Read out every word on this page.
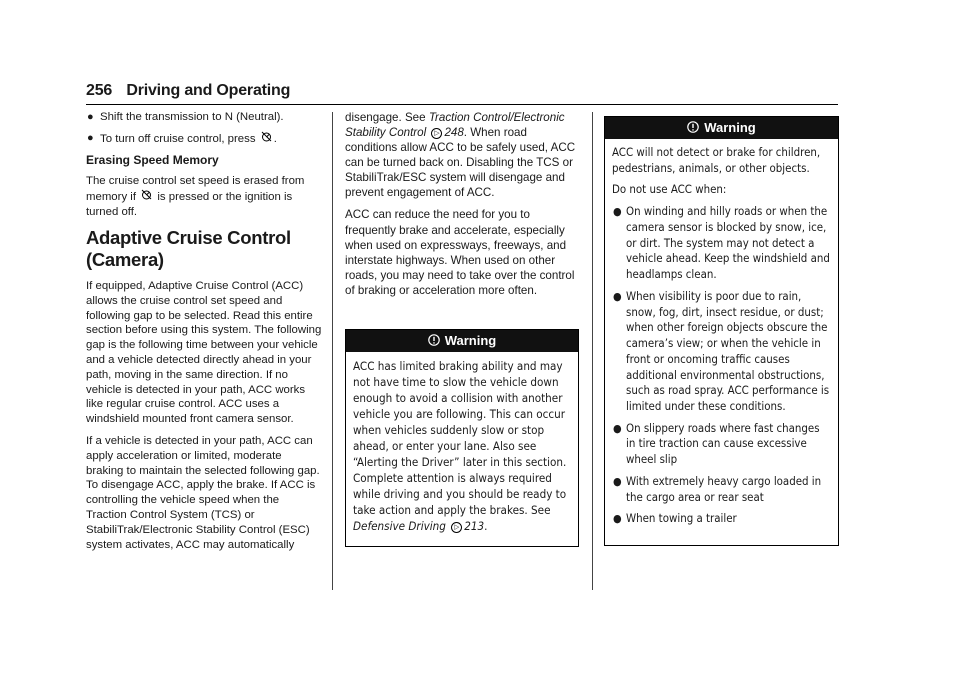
256 Driving and Operating
● Shift the transmission to N (Neutral).
● To turn off cruise control, press .
Erasing Speed Memory

The cruise control set speed is erased from memory if is pressed or the ignition is turned off.

Adaptive Cruise Control (Camera)

If equipped, Adaptive Cruise Control (ACC) allows the cruise control set speed and following gap to be selected. Read this entire section before using this system. The following gap is the following time between your vehicle and a vehicle detected directly ahead in your path, moving in the same direction. If no vehicle is detected in your path, ACC works like regular cruise control. ACC uses a windshield mounted front camera sensor.

If a vehicle is detected in your path, ACC can apply acceleration or limited, moderate braking to maintain the selected following gap. To disengage ACC, apply the brake. If ACC is controlling the vehicle speed when the Traction Control System (TCS) or StabiliTrak/Electronic Stability Control (ESC) system activates, ACC may automatically

disengage. See Traction Control/Electronic Stability Control ▷ 248. When road conditions allow ACC to be safely used, ACC can be turned back on. Disabling the TCS or StabiliTrak/ESC system will disengage and prevent engagement of ACC.

ACC can reduce the need for you to frequently brake and accelerate, especially when used on expressways, freeways, and interstate highways. When used on other roads, you may need to take over the control of braking or acceleration more often.

Warning

ACC has limited braking ability and may not have time to slow the vehicle down enough to avoid a collision with another vehicle you are following. This can occur when vehicles suddenly slow or stop ahead, or enter your lane. Also see “Alerting the Driver” later in this section. Complete attention is always required while driving and you should be ready to take action and apply the brakes. See Defensive Driving ▷ 213.

Warning

ACC will not detect or brake for children, pedestrians, animals, or other objects.

Do not use ACC when:

● On winding and hilly roads or when the camera sensor is blocked by snow, ice, or dirt. The system may not detect a vehicle ahead. Keep the windshield and headlamps clean.
● When visibility is poor due to rain, snow, fog, dirt, insect residue, or dust; when other foreign objects obscure the camera’s view; or when the vehicle in front or oncoming traffic causes additional environmental obstructions, such as road spray. ACC performance is limited under these conditions.
● On slippery roads where fast changes in tire traction can cause excessive wheel slip
● With extremely heavy cargo loaded in the cargo area or rear seat
● When towing a trailer
